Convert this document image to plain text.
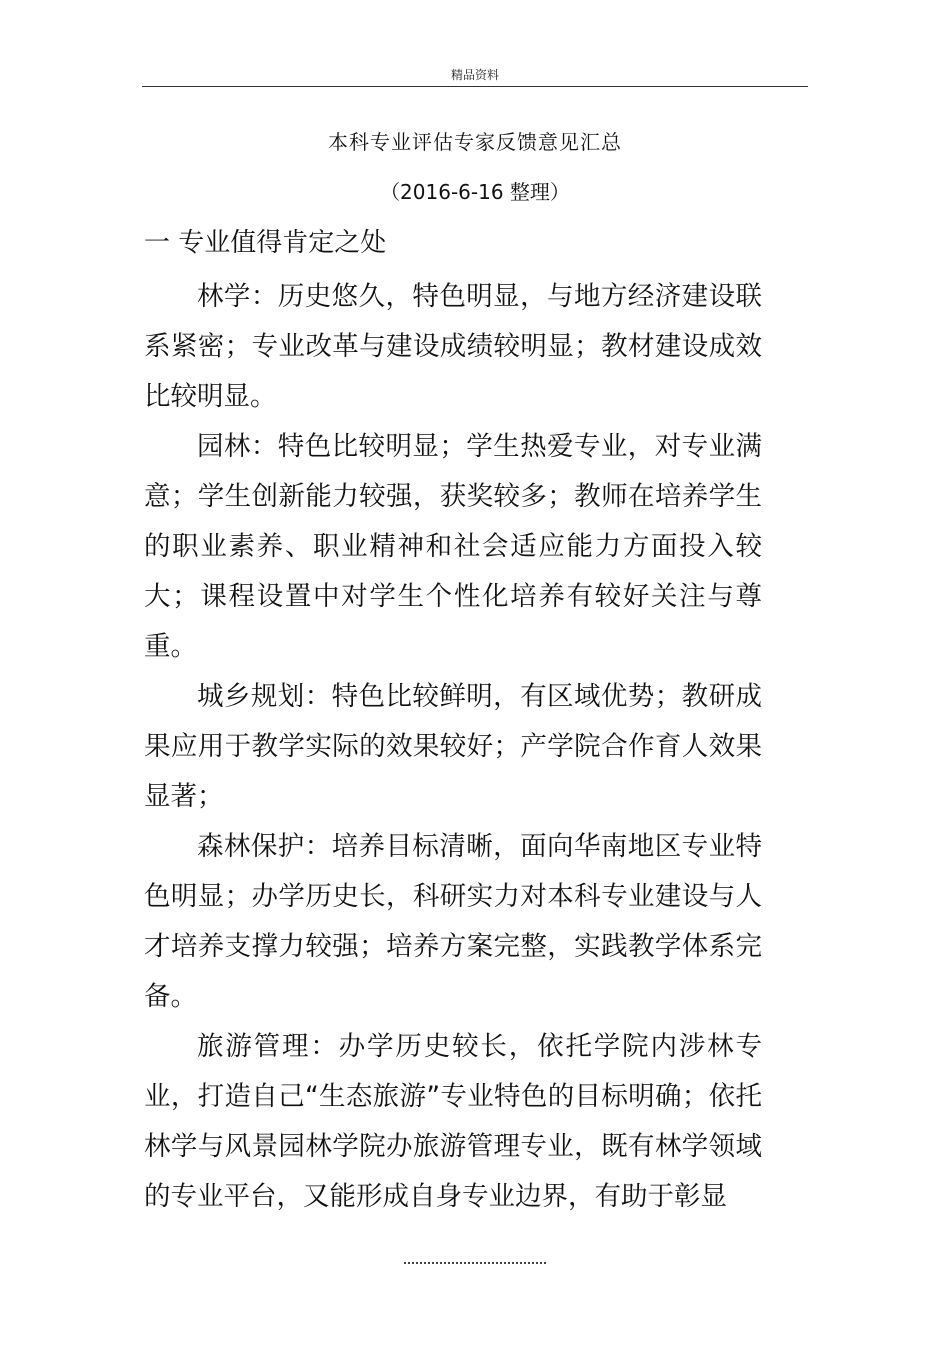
精品资料
本科专业评估专家反馈意见汇总
（2016-6-16 整理）
一 专业值得肯定之处

林学：历史悠久，特色明显，与地方经济建设联系紧密；专业改革与建设成绩较明显；教材建设成效比较明显。

园林：特色比较明显；学生热爱专业，对专业满意；学生创新能力较强，获奖较多；教师在培养学生的职业素养、职业精神和社会适应能力方面投入较大；课程设置中对学生个性化培养有较好关注与尊重。

城乡规划：特色比较鲜明，有区域优势；教研成果应用于教学实际的效果较好；产学院合作育人效果显著；

森林保护：培养目标清晰，面向华南地区专业特色明显；办学历史长，科研实力对本科专业建设与人才培养支撑力较强；培养方案完整，实践教学体系完备。

旅游管理：办学历史较长，依托学院内涉林专业，打造自己“生态旅游”专业特色的目标明确；依托林学与风景园林学院办旅游管理专业，既有林学领域的专业平台，又能形成自身专业边界，有助于彰显
